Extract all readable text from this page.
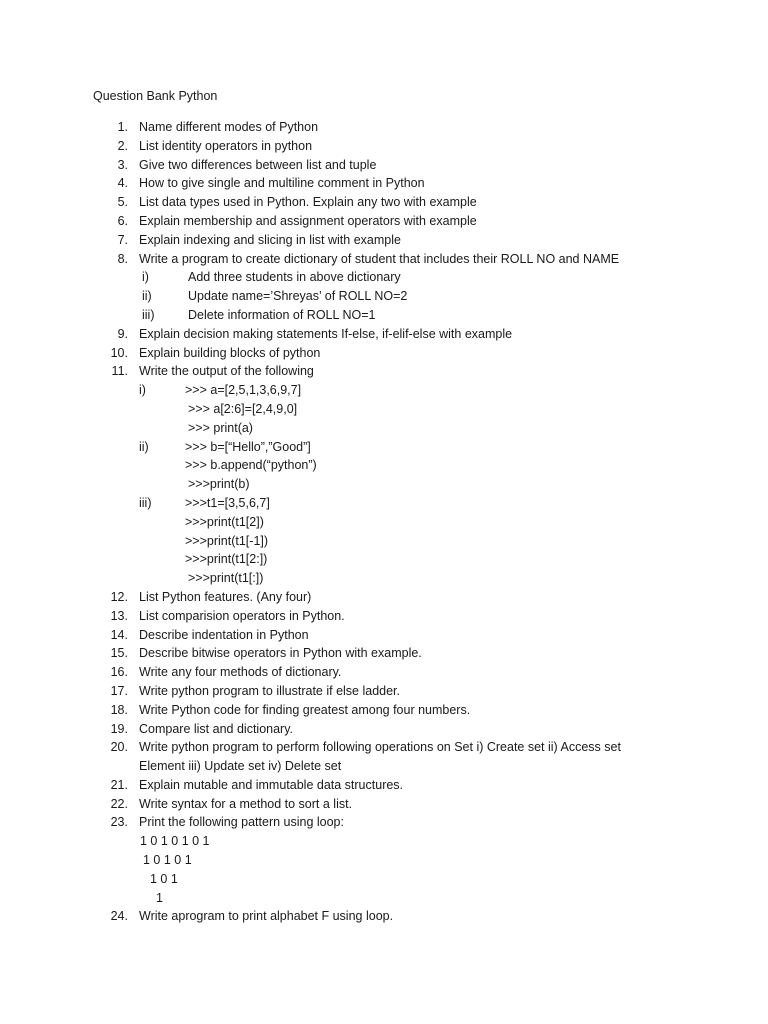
Question Bank Python
1. Name different modes of Python
2. List identity operators in python
3. Give two differences between list and tuple
4. How to give single and multiline comment in Python
5. List data types used in Python. Explain any two with example
6. Explain membership and assignment operators with example
7. Explain indexing and slicing in list with example
8. Write a program to create dictionary of student that includes their ROLL NO and NAME
i)	Add three students in above dictionary
ii)	Update name=’Shreyas’ of ROLL NO=2
iii)	Delete information of ROLL NO=1
9. Explain decision making statements If-else, if-elif-else with example
10. Explain building blocks of python
11. Write the output of the following
i)	>>> a=[2,5,1,3,6,9,7]
>>> a[2:6]=[2,4,9,0]
>>> print(a)
ii)	>>> b=[“Hello”,”Good”]
>>> b.append(“python”)
>>>print(b)
iii)	>>>t1=[3,5,6,7]
>>>print(t1[2])
>>>print(t1[-1])
>>>print(t1[2:])
>>>print(t1[:])
12. List Python features. (Any four)
13. List comparision operators in Python.
14. Describe indentation in Python
15. Describe bitwise operators in Python with example.
16. Write any four methods of dictionary.
17. Write python program to illustrate if else ladder.
18. Write Python code for finding greatest among four numbers.
19. Compare list and dictionary.
20. Write python program to perform following operations on Set i) Create set ii) Access set
Element iii) Update set iv) Delete set
21. Explain mutable and immutable data structures.
22. Write syntax for a method to sort a list.
23. Print the following pattern using loop:
1 0 1 0 1 0 1
1 0 1 0 1
1 0 1
1
24. Write aprogram to print alphabet F using loop.
